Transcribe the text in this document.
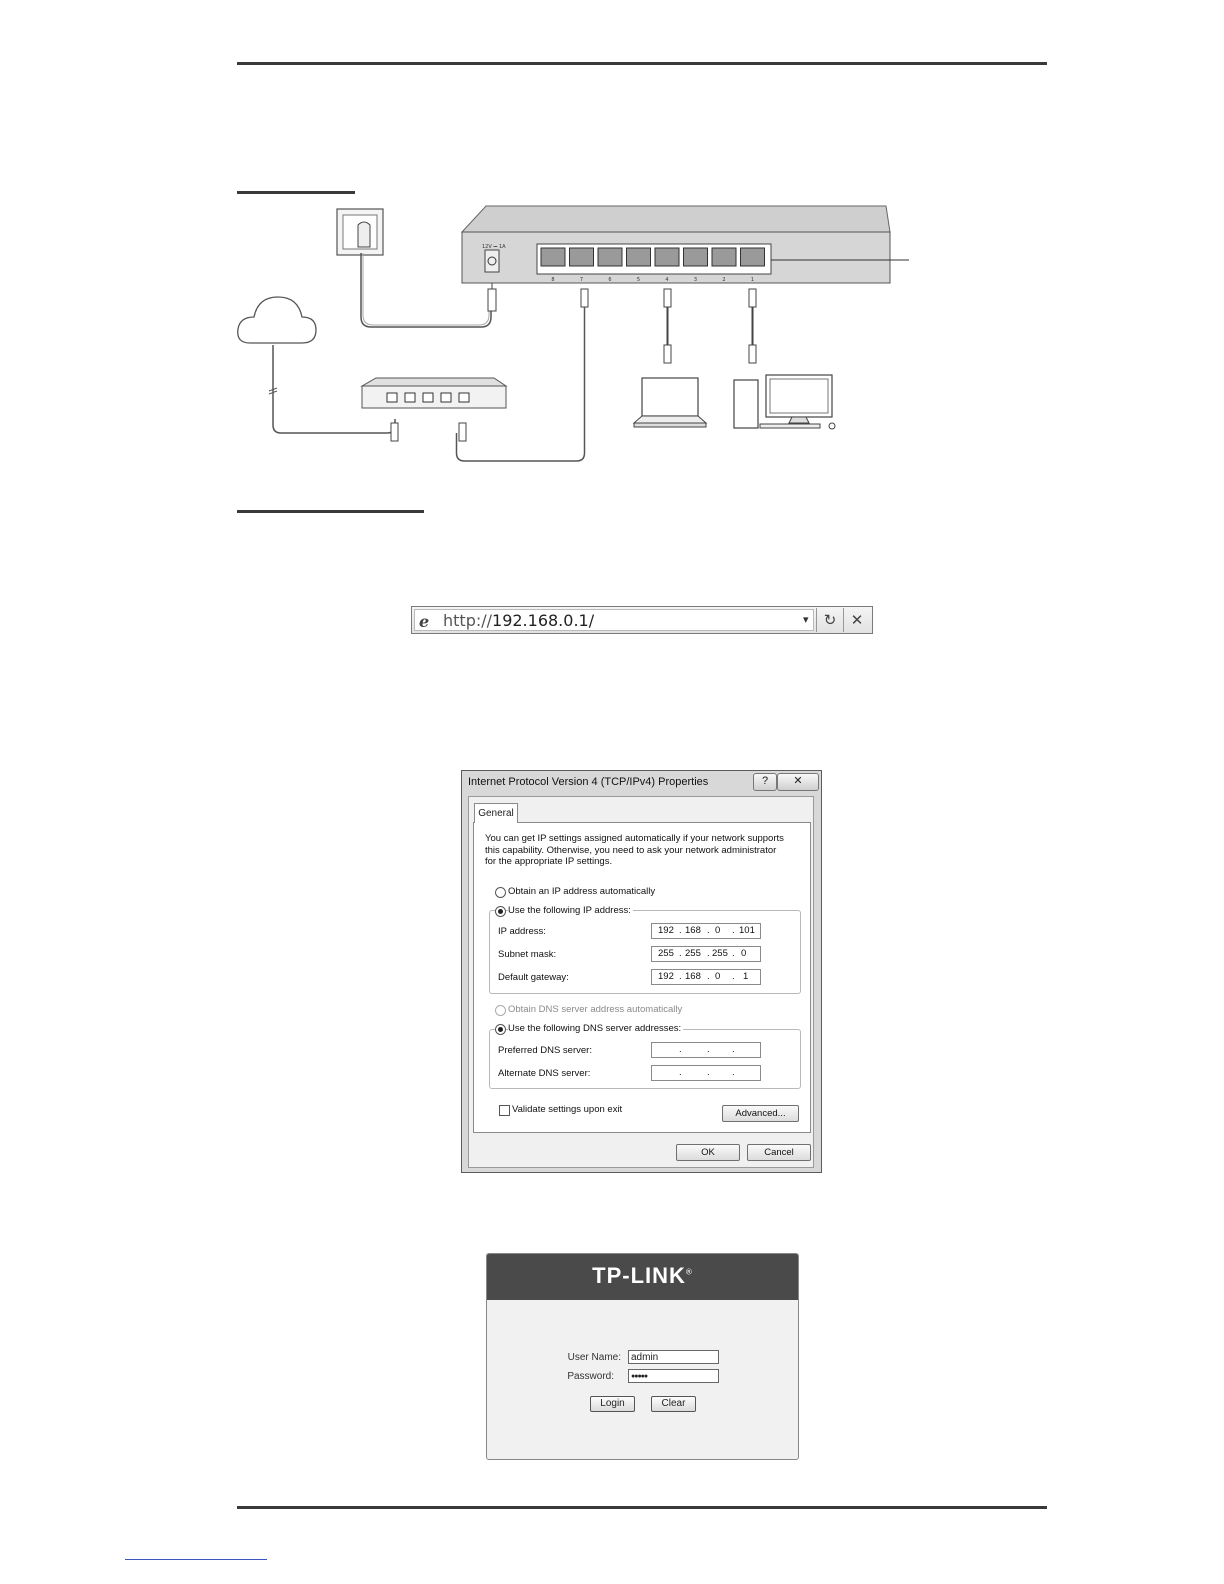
12V ⎓ 1A
8	7	6	5	4	3	2	1
e http://192.168.0.1/	▾	↻ ✕
Internet Protocol Version 4 (TCP/IPv4) Properties	?	✕
General
You can get IP settings assigned automatically if your network supports
this capability. Otherwise, you need to ask your network administrator
for the appropriate IP settings.
Obtain an IP address automatically
Use the following IP address:
IP address:	192 . 168 . 0 . 101
Subnet mask:	255 . 255 . 255 . 0
Default gateway:	192 . 168 . 0 . 1
Obtain DNS server address automatically
Use the following DNS server addresses:
Preferred DNS server:	.	. .
Alternate DNS server:	.	. .
Validate settings upon exit	Advanced...
OK	Cancel
TP-LINK®
User Name:	admin
Password:	●●●●●
Login	Clear
